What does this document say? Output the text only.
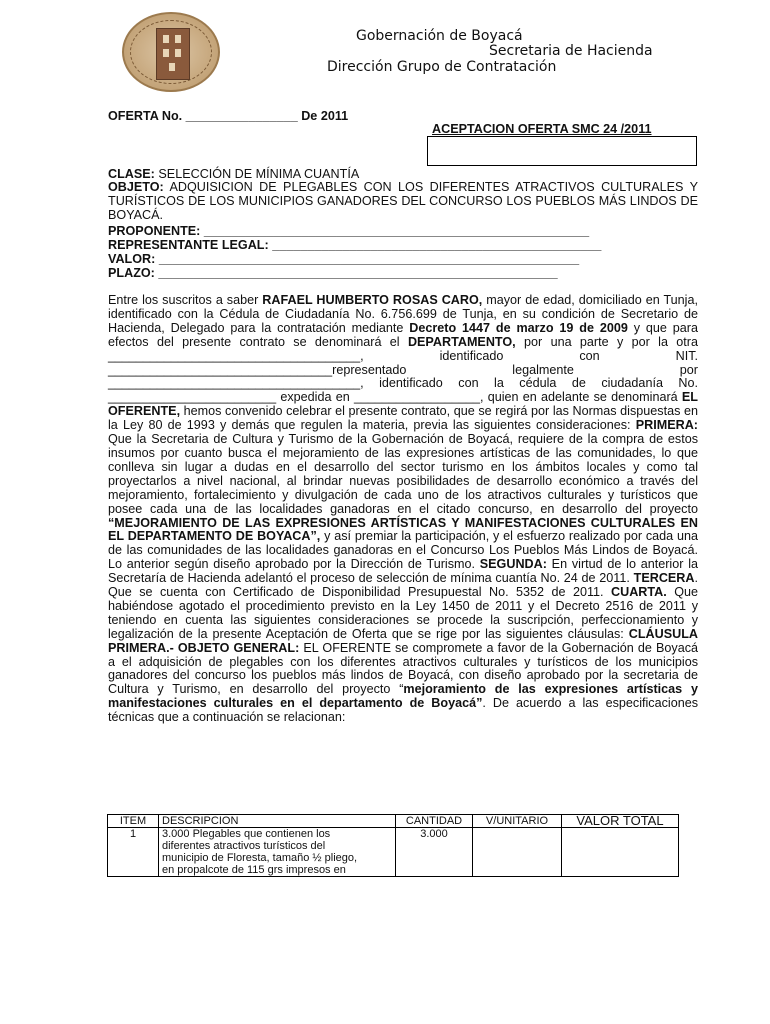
Gobernación de Boyacá
Secretaria de Hacienda
Dirección Grupo de Contratación
OFERTA No. ________________ De 2011
ACEPTACION OFERTA SMC 24 /2011
CLASE: SELECCIÓN DE MÍNIMA CUANTÍA
OBJETO: ADQUISICION DE PLEGABLES CON LOS DIFERENTES ATRACTIVOS CULTURALES Y TURÍSTICOS DE LOS MUNICIPIOS GANADORES DEL CONCURSO LOS PUEBLOS MÁS LINDOS DE BOYACÁ.
PROPONENTE: _______________________________________________________
REPRESENTANTE LEGAL: _______________________________________________
VALOR: ____________________________________________________________
PLAZO: _________________________________________________________
Entre los suscritos a saber RAFAEL HUMBERTO ROSAS CARO, mayor de edad, domiciliado en Tunja, identificado con la Cédula de Ciudadanía No. 6.756.699 de Tunja, en su condición de Secretario de Hacienda, Delegado para la contratación mediante Decreto 1447 de marzo 19 de 2009 y que para efectos del presente contrato se denominará el DEPARTAMENTO, por una parte y por la otra ____________________________________, identificado con NIT. ________________________________representado legalmente por ____________________________________, identificado con la cédula de ciudadanía No. ________________________ expedida en __________________, quien en adelante se denominará EL OFERENTE, hemos convenido celebrar el presente contrato, que se regirá por las Normas dispuestas en la Ley 80 de 1993 y demás que regulen la materia, previa las siguientes consideraciones: PRIMERA: Que la Secretaria de Cultura y Turismo de la Gobernación de Boyacá, requiere de la compra de estos insumos por cuanto busca el mejoramiento de las expresiones artísticas de las comunidades, lo que conlleva sin lugar a dudas en el desarrollo del sector turismo en los ámbitos locales y como tal proyectarlos a nivel nacional, al brindar nuevas posibilidades de desarrollo económico a través del mejoramiento, fortalecimiento y divulgación de cada uno de los atractivos culturales y turísticos que posee cada una de las localidades ganadoras en el citado concurso, en desarrollo del proyecto “MEJORAMIENTO DE LAS EXPRESIONES ARTÍSTICAS Y MANIFESTACIONES CULTURALES EN EL DEPARTAMENTO DE BOYACA”, y así premiar la participación, y el esfuerzo realizado por cada una de las comunidades de las localidades ganadoras en el Concurso Los Pueblos Más Lindos de Boyacá. Lo anterior según diseño aprobado por la Dirección de Turismo. SEGUNDA: En virtud de lo anterior la Secretaría de Hacienda adelantó el proceso de selección de mínima cuantía No. 24 de 2011. TERCERA. Que se cuenta con Certificado de Disponibilidad Presupuestal No. 5352 de 2011. CUARTA. Que habiéndose agotado el procedimiento previsto en la Ley 1450 de 2011 y el Decreto 2516 de 2011 y teniendo en cuenta las siguientes consideraciones se procede la suscripción, perfeccionamiento y legalización de la presente Aceptación de Oferta que se rige por las siguientes cláusulas: CLÁUSULA PRIMERA.- OBJETO GENERAL: EL OFERENTE se compromete a favor de la Gobernación de Boyacá a el adquisición de plegables con los diferentes atractivos culturales y turísticos de los municipios ganadores del concurso los pueblos más lindos de Boyacá, con diseño aprobado por la secretaria de Cultura y Turismo, en desarrollo del proyecto “mejoramiento de las expresiones artísticas y manifestaciones culturales en el departamento de Boyacá”. De acuerdo a las especificaciones técnicas que a continuación se relacionan:
ITEM	DESCRIPCION	CANTIDAD	V/UNITARIO	VALOR TOTAL
1	3.000 Plegables que contienen los
diferentes atractivos turísticos del
municipio de Floresta, tamaño ½ pliego,
en propalcote de 115 grs impresos en	3.000		
